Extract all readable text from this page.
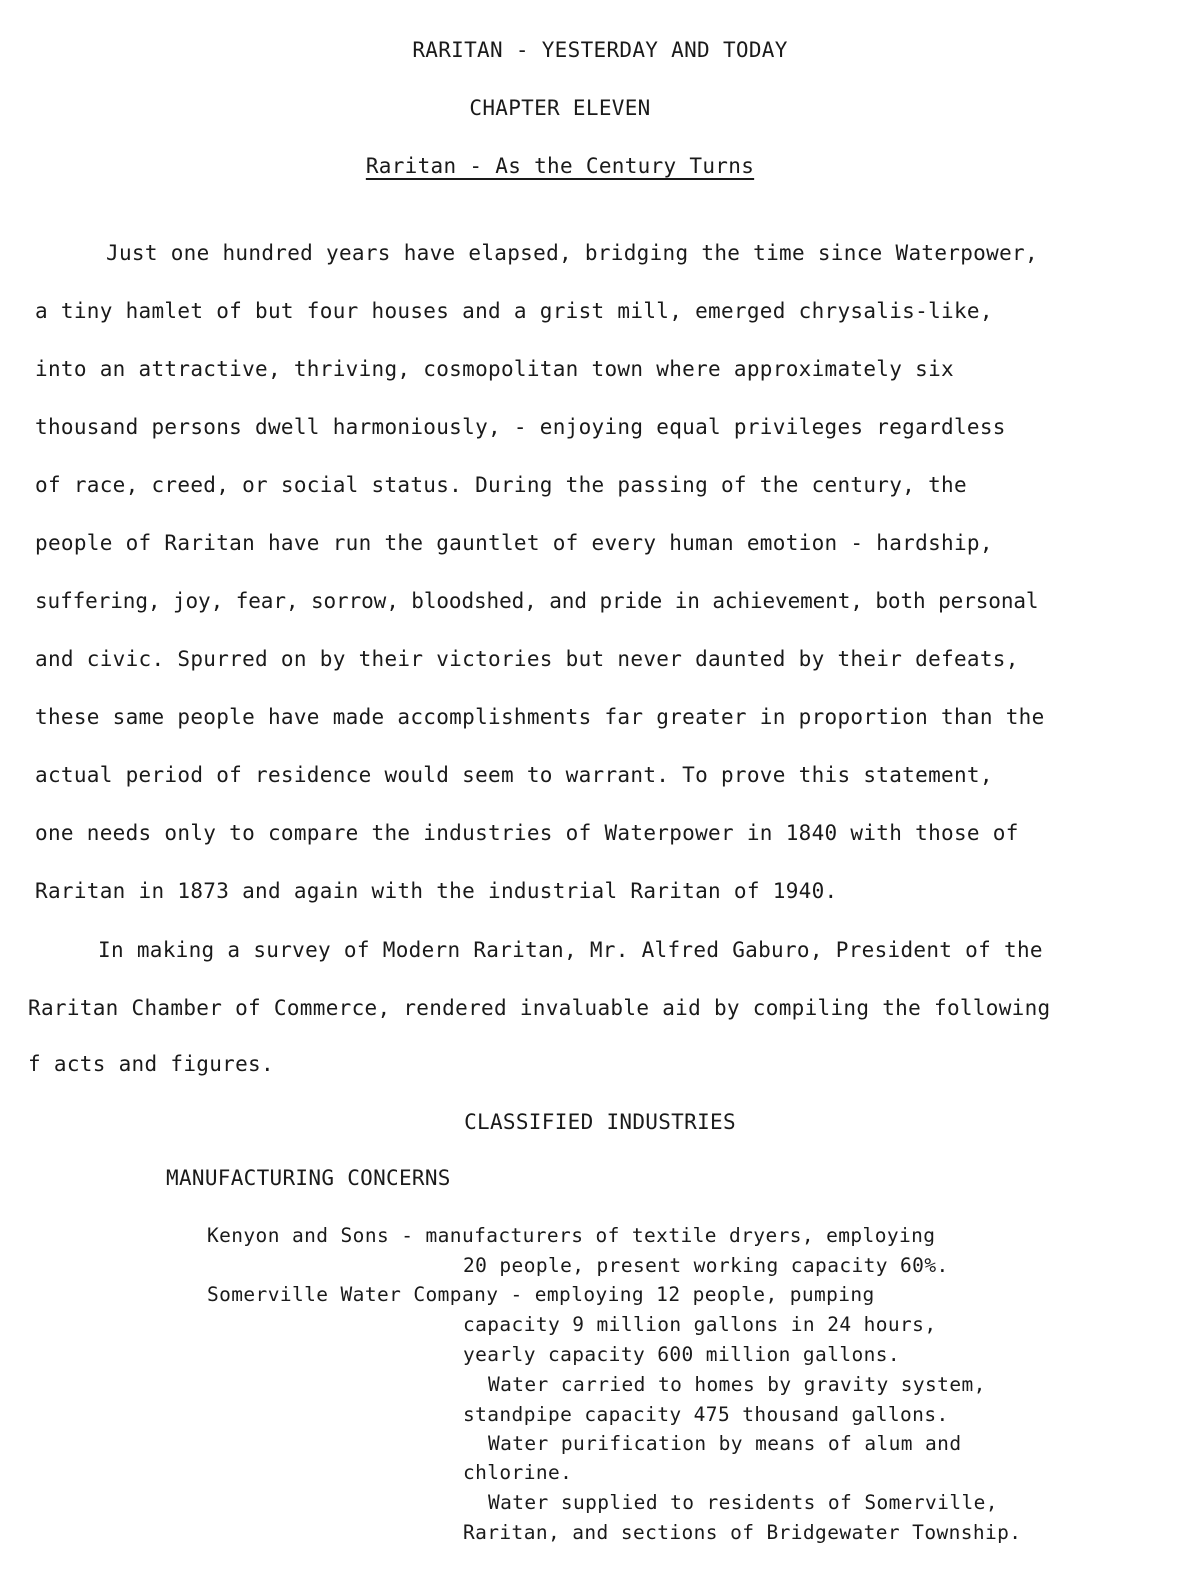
RARITAN - YESTERDAY AND TODAY
CHAPTER ELEVEN
Raritan - As the Century Turns
Just one hundred years have elapsed, bridging the time since Waterpower,
a tiny hamlet of but four houses and a grist mill, emerged chrysalis-like,
into an attractive, thriving, cosmopolitan town where approximately six
thousand persons dwell harmoniously, - enjoying equal privileges regardless
of race, creed, or social status. During the passing of the century, the
people of Raritan have run the gauntlet of every human emotion - hardship,
suffering, joy, fear, sorrow, bloodshed, and pride in achievement, both personal
and civic. Spurred on by their victories but never daunted by their defeats,
these same people have made accomplishments far greater in proportion than the
actual period of residence would seem to warrant. To prove this statement,
one needs only to compare the industries of Waterpower in 1840 with those of
Raritan in 1873 and again with the industrial Raritan of 1940.
In making a survey of Modern Raritan, Mr. Alfred Gaburo, President of the
Raritan Chamber of Commerce, rendered invaluable aid by compiling the following
f acts and figures.
CLASSIFIED INDUSTRIES
MANUFACTURING CONCERNS
Kenyon and Sons - manufacturers of textile dryers, employing
20 people, present working capacity 60%.
Somerville Water Company - employing 12 people, pumping
capacity 9 million gallons in 24 hours,
yearly capacity 600 million gallons.
Water carried to homes by gravity system,
standpipe capacity 475 thousand gallons.
Water purification by means of alum and
chlorine.
Water supplied to residents of Somerville,
Raritan, and sections of Bridgewater Township.
